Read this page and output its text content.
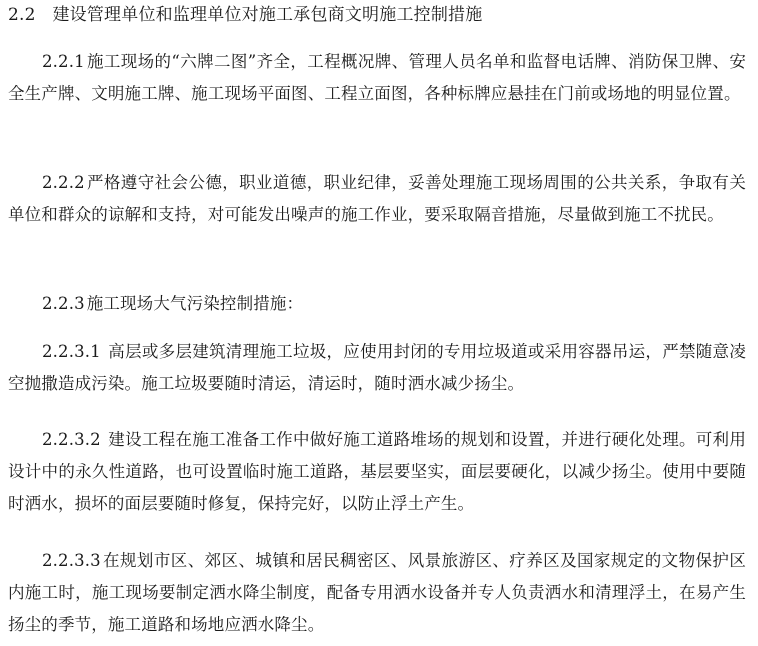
2.2 建设管理单位和监理单位对施工承包商文明施工控制措施

2.2.1 施工现场的“六牌二图”齐全，工程概况牌、管理人员名单和监督电话牌、消防保卫牌、安全生产牌、文明施工牌、施工现场平面图、工程立面图，各种标牌应悬挂在门前或场地的明显位置。

2.2.2 严格遵守社会公德，职业道德，职业纪律，妥善处理施工现场周围的公共关系，争取有关单位和群众的谅解和支持，对可能发出噪声的施工作业，要采取隔音措施，尽量做到施工不扰民。

2.2.3 施工现场大气污染控制措施：

2.2.3.1 高层或多层建筑清理施工垃圾，应使用封闭的专用垃圾道或采用容器吊运，严禁随意凌空抛撒造成污染。施工垃圾要随时清运，清运时，随时洒水减少扬尘。

2.2.3.2 建设工程在施工准备工作中做好施工道路堆场的规划和设置，并进行硬化处理。可利用设计中的永久性道路，也可设置临时施工道路，基层要坚实，面层要硬化，以减少扬尘。使用中要随时洒水，损坏的面层要随时修复，保持完好，以防止浮土产生。

2.2.3.3 在规划市区、郊区、城镇和居民稠密区、风景旅游区、疗养区及国家规定的文物保护区内施工时，施工现场要制定洒水降尘制度，配备专用洒水设备并专人负责洒水和清理浮土，在易产生扬尘的季节，施工道路和场地应洒水降尘。
